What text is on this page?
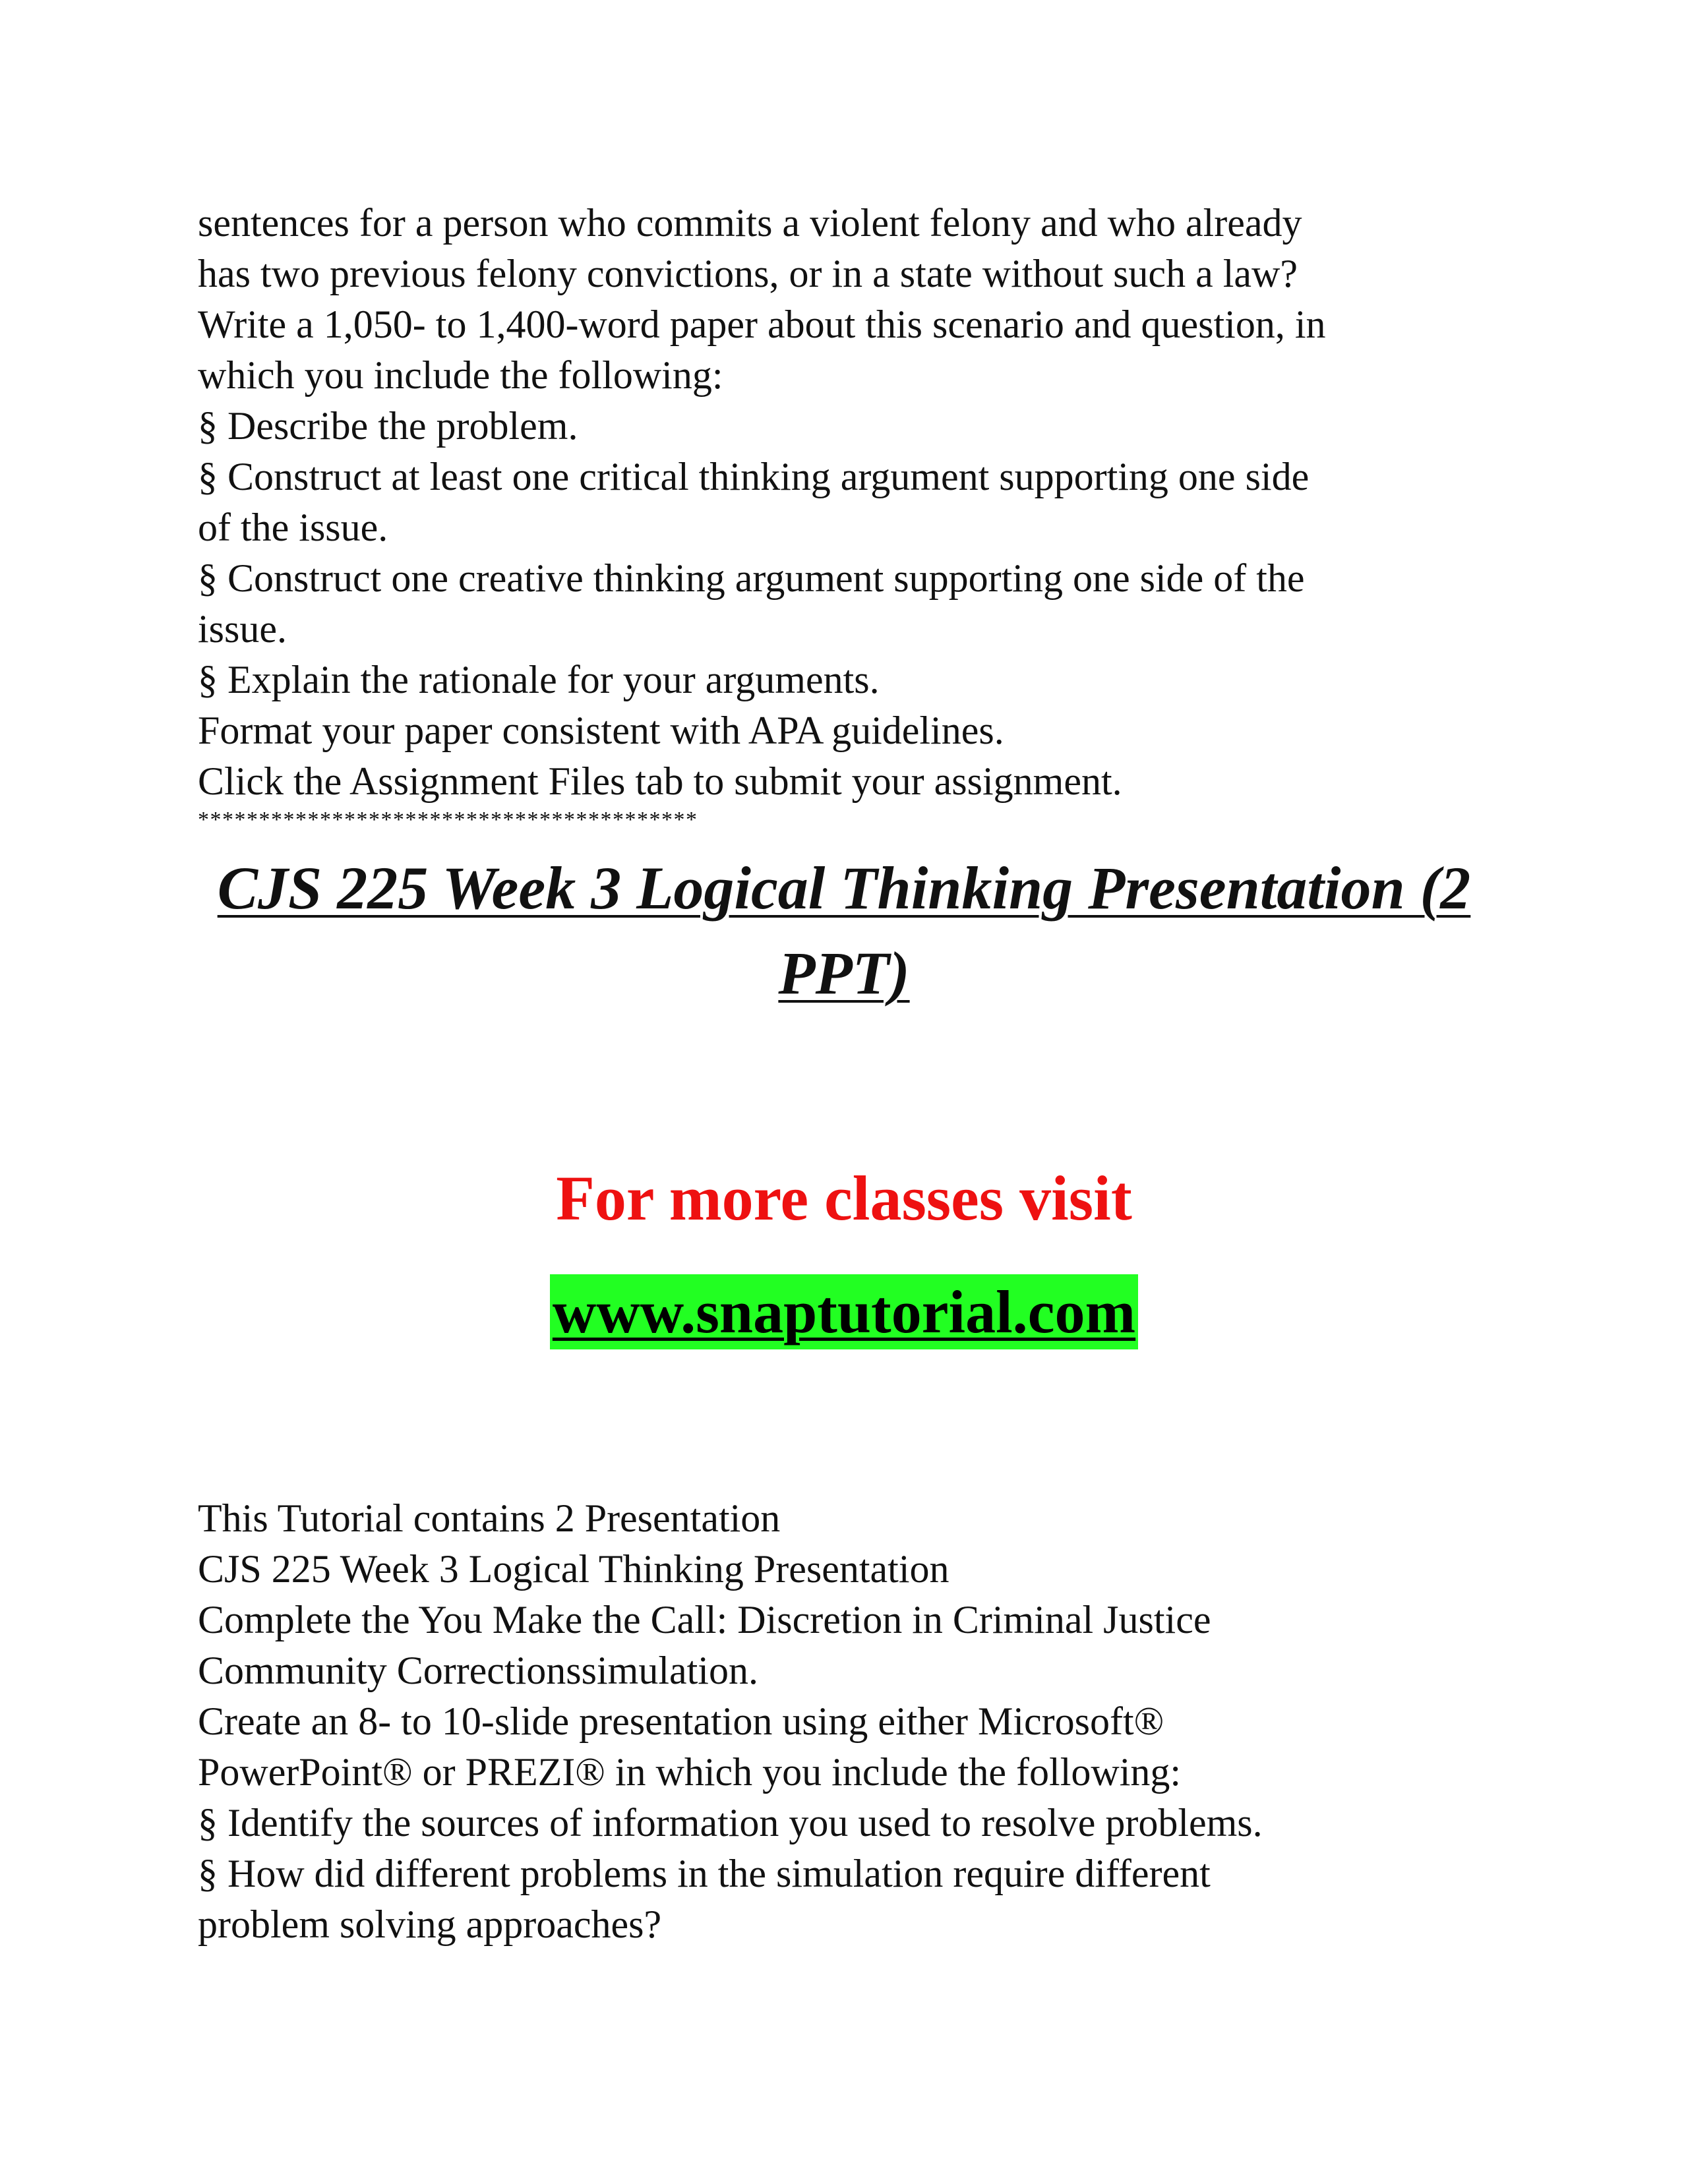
sentences for a person who commits a violent felony and who already

has two previous felony convictions, or in a state without such a law?

Write a 1,050- to 1,400-word paper about this scenario and question, in

which you include the following:

§ Describe the problem.

§ Construct at least one critical thinking argument supporting one side

of the issue.

§ Construct one creative thinking argument supporting one side of the

issue.

§ Explain the rationale for your arguments.

Format your paper consistent with APA guidelines.

Click the Assignment Files tab to submit your assignment.

*****************************************

CJS 225 Week 3 Logical Thinking Presentation (2
PPT)

For more classes visit

www.snaptutorial.com

This Tutorial contains 2 Presentation

CJS 225 Week 3 Logical Thinking Presentation

Complete the You Make the Call: Discretion in Criminal Justice

Community Correctionssimulation.

Create an 8- to 10-slide presentation using either Microsoft®

PowerPoint® or PREZI® in which you include the following:

§ Identify the sources of information you used to resolve problems.

§ How did different problems in the simulation require different

problem solving approaches?
